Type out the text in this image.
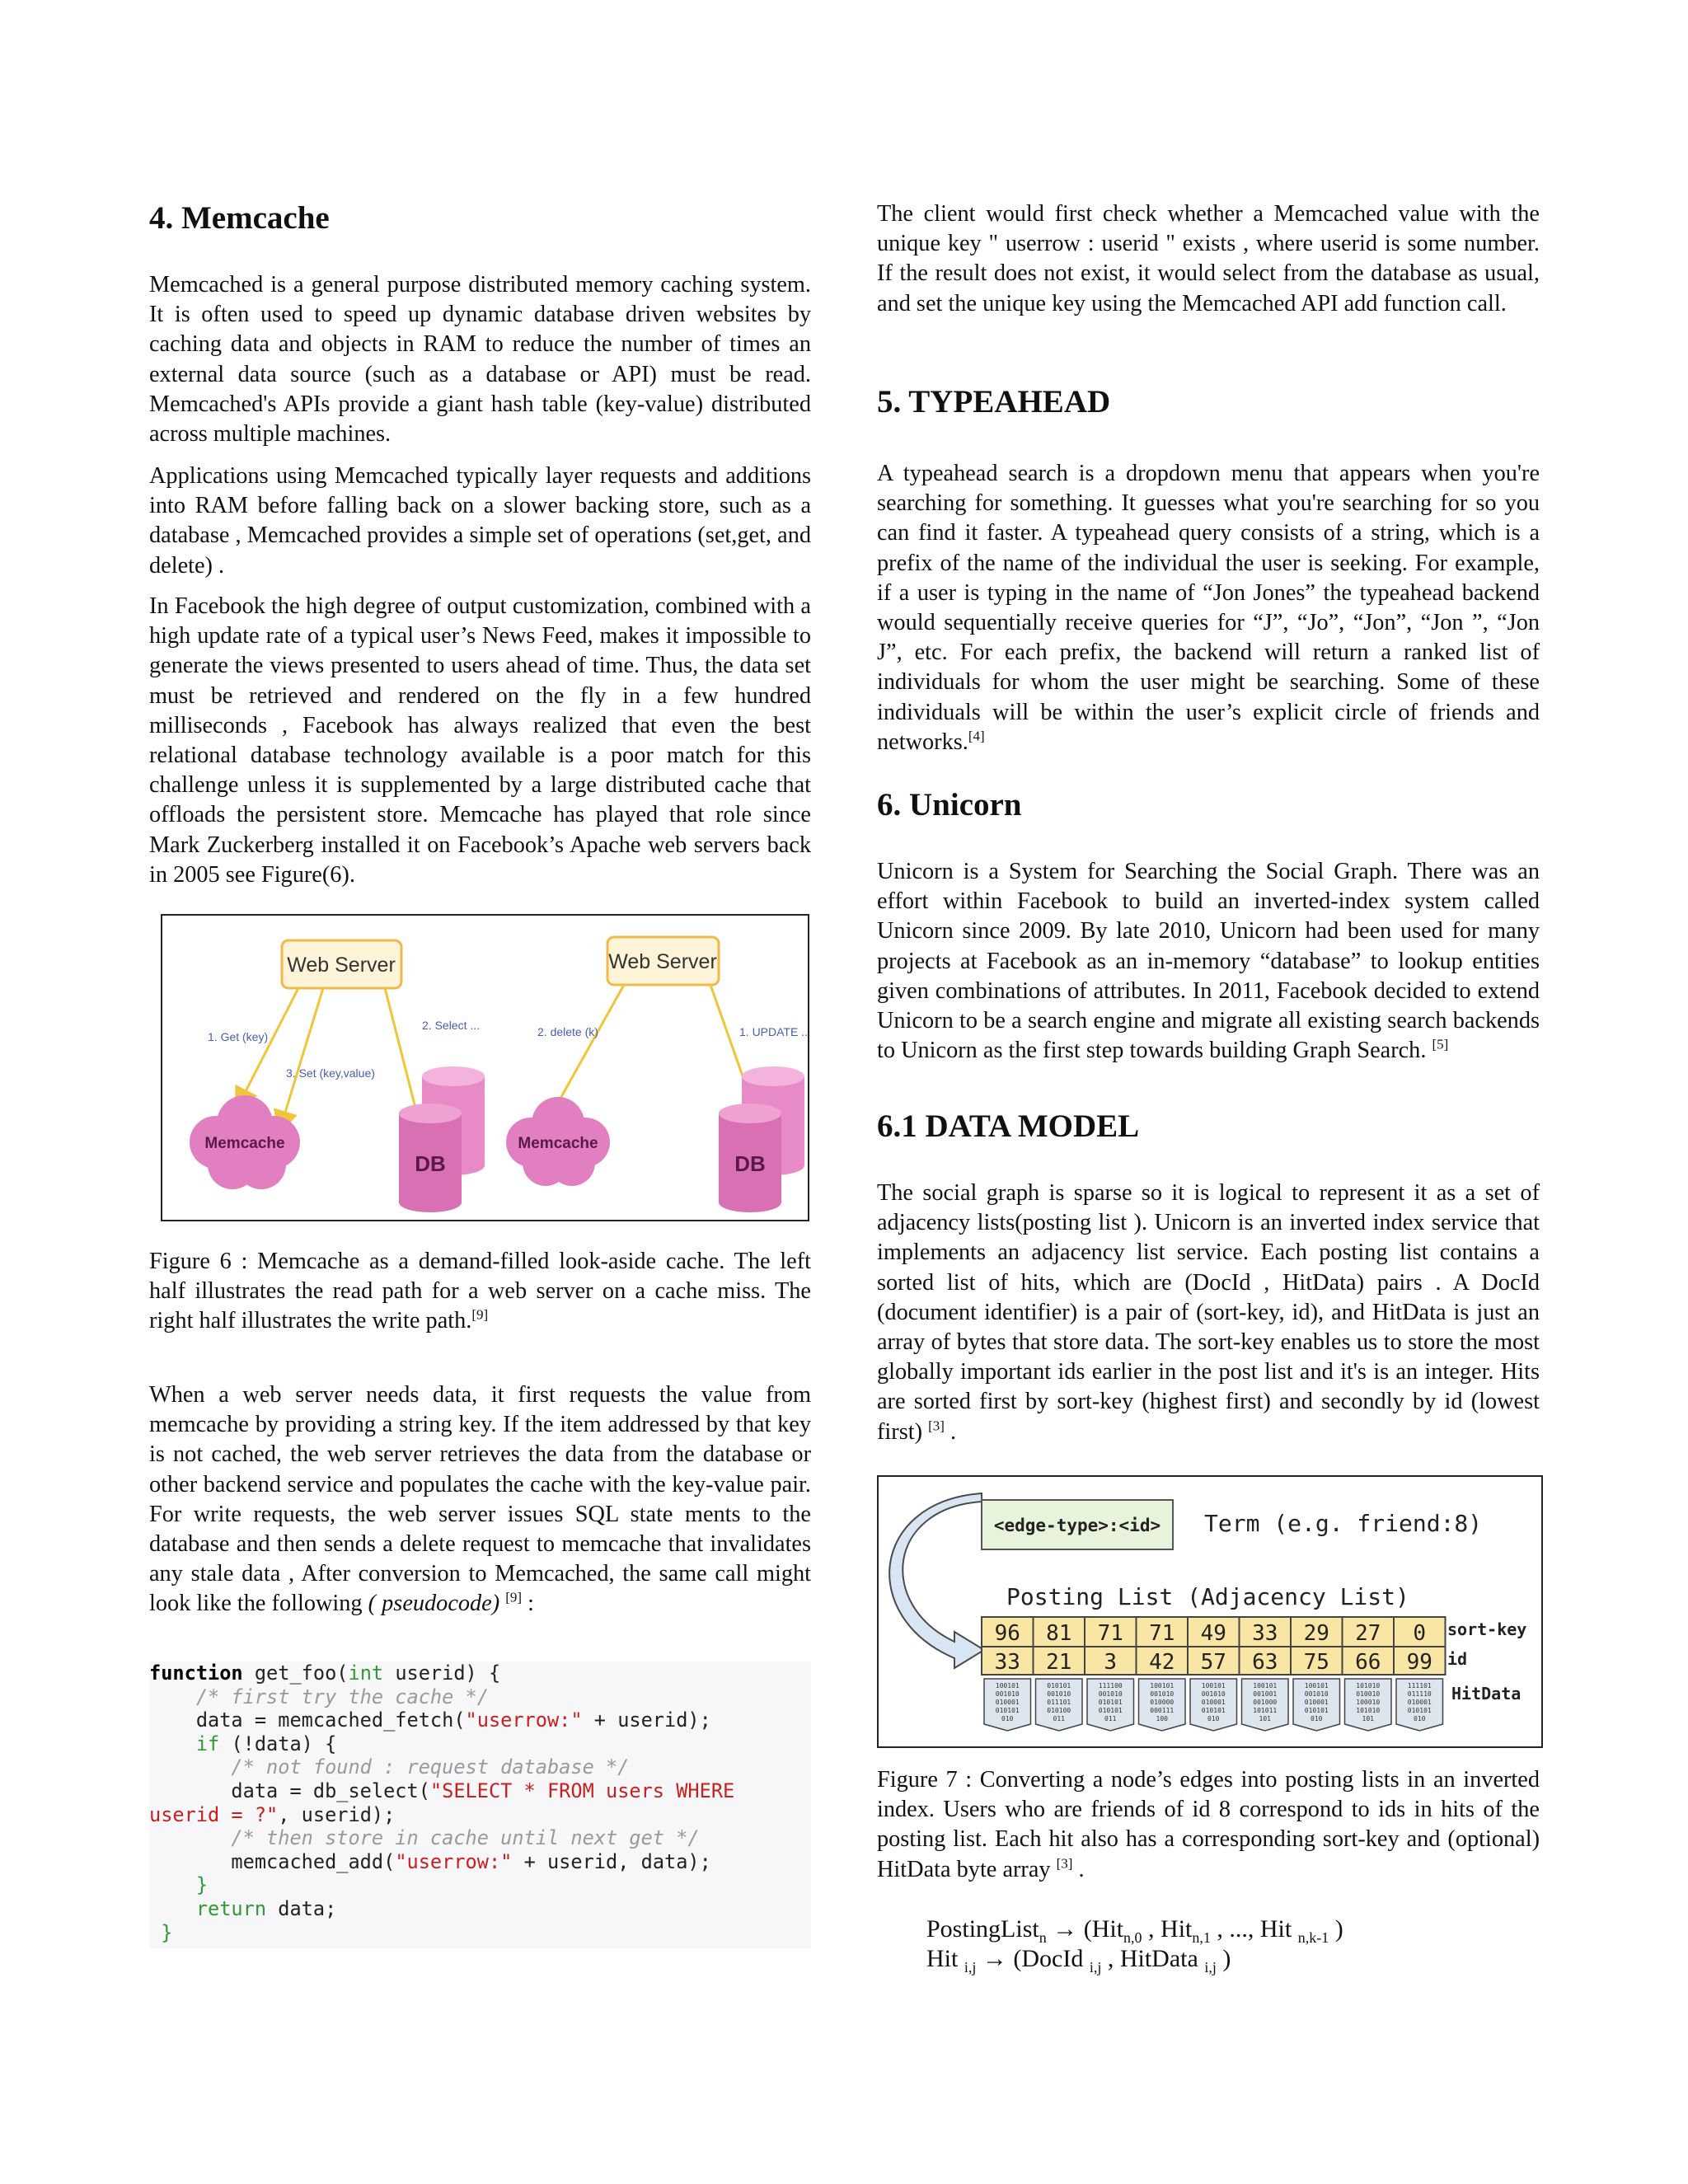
4. Memcache

Memcached is a general purpose distributed memory caching system. It is often used to speed up dynamic database driven websites by caching data and objects in RAM to reduce the number of times an external data source (such as a database or API) must be read. Memcached's APIs provide a giant hash table (key-value) distributed across multiple machines.

Applications using Memcached typically layer requests and additions into RAM before falling back on a slower backing store, such as a database , Memcached provides a simple set of operations (set,get, and delete) .

In Facebook the high degree of output customization, combined with a high update rate of a typical user’s News Feed, makes it impossible to generate the views presented to users ahead of time. Thus, the data set must be retrieved and rendered on the fly in a few hundred milliseconds , Facebook has always realized that even the best relational database technology available is a poor match for this challenge unless it is supplemented by a large distributed cache that offloads the persistent store. Memcache has played that role since Mark Zuckerberg installed it on Facebook’s Apache web servers back in 2005 see Figure(6).

Web Server
1. Get (key)
2. Select ...
3. Set (key,value)
Memcache
DB
Web Server
2. delete (k)	1. UPDATE ..
Memcache
DB

Figure 6 : Memcache as a demand-filled look-aside cache. The left half illustrates the read path for a web server on a cache miss. The right half illustrates the write path.[9]

When a web server needs data, it first requests the value from memcache by providing a string key. If the item addressed by that key is not cached, the web server retrieves the data from the database or other backend service and populates the cache with the key-value pair. For write requests, the web server issues SQL state ments to the database and then sends a delete request to memcache that invalidates any stale data , After conversion to Memcached, the same call might look like the following ( pseudocode) [9] :

function get_foo(int userid) {
/* first try the cache */
data = memcached_fetch("userrow:" + userid);
if (!data) {
/* not found : request database */
data = db_select("SELECT * FROM users WHERE
userid = ?", userid);
/* then store in cache until next get */
memcached_add("userrow:" + userid, data);
}
return data;
}

The client would first check whether a Memcached value with the unique key " userrow : userid " exists , where userid is some number. If the result does not exist, it would select from the database as usual, and set the unique key using the Memcached API add function call.

5. TYPEAHEAD

A typeahead search is a dropdown menu that appears when you're searching for something. It guesses what you're searching for so you can find it faster. A typeahead query consists of a string, which is a prefix of the name of the individual the user is seeking. For example, if a user is typing in the name of “Jon Jones” the typeahead backend would sequentially receive queries for “J”, “Jo”, “Jon”, “Jon ”, “Jon J”, etc. For each prefix, the backend will return a ranked list of individuals for whom the user might be searching. Some of these individuals will be within the user’s explicit circle of friends and networks.[4]

6. Unicorn

Unicorn is a System for Searching the Social Graph. There was an effort within Facebook to build an inverted-index system called Unicorn since 2009. By late 2010, Unicorn had been used for many projects at Facebook as an in-memory “database” to lookup entities given combinations of attributes. In 2011, Facebook decided to extend Unicorn to be a search engine and migrate all existing search backends to Unicorn as the first step towards building Graph Search. [5]

6.1 DATA MODEL

The social graph is sparse so it is logical to represent it as a set of adjacency lists(posting list ). Unicorn is an inverted index service that implements an adjacency list service. Each posting list contains a sorted list of hits, which are (DocId , HitData) pairs . A DocId (document identifier) is a pair of (sort-key, id), and HitData is just an array of bytes that store data. The sort-key enables us to store the most globally important ids earlier in the post list and it's is an integer. Hits are sorted first by sort-key (highest first) and secondly by id (lowest first) [3] .

<edge-type>:<id> Term (e.g. friend:8)
Posting List (Adjacency List)
96 81 71 71 49 33 29 27 0
33 21 3 42 57 63 75 66 99
100101
001010
010001
010101
010
010101
001010
011101
010100
011
111100
001010
010101
010101
011
100101
001010
010000
000111
100
100101
001010
010001
010101
010
100101
001001
001000
101011
101
100101
001010
010001
010101
010
101010
010010
100010
101010
101
111101
011110
010001
010101
010
sort-key
id
HitData

Figure 7 : Converting a node’s edges into posting lists in an inverted index. Users who are friends of id 8 correspond to ids in hits of the posting list. Each hit also has a corresponding sort-key and (optional) HitData byte array [3] .

PostingList$_n$ → (Hit$_{n,0}$ , Hit$_{n,1}$ , ..., Hit $_{n,k-1}$ )
Hit $_{i,j}$ → (DocId $_{i,j}$ , HitData $_{i,j}$ )
